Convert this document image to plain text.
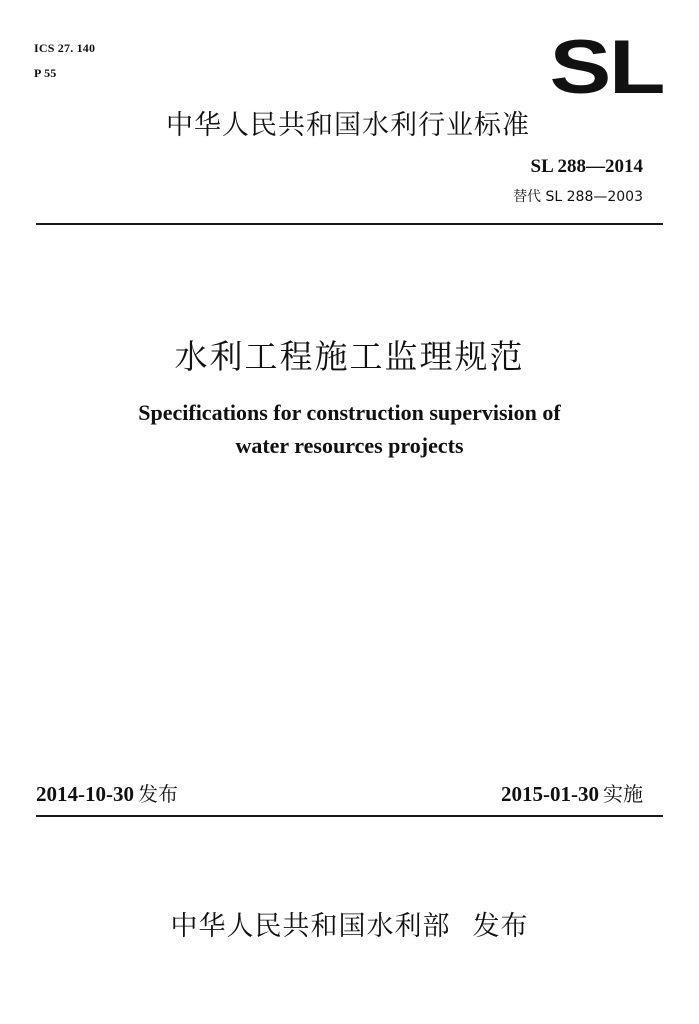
ICS 27. 140
P 55	SL
中华人民共和国水利行业标准
SL 288—2014
替代 SL 288—2003
水利工程施工监理规范
Specifications for construction supervision of
water resources projects
2014-10-30 发布	2015-01-30 实施
中华人民共和国水利部 发布
